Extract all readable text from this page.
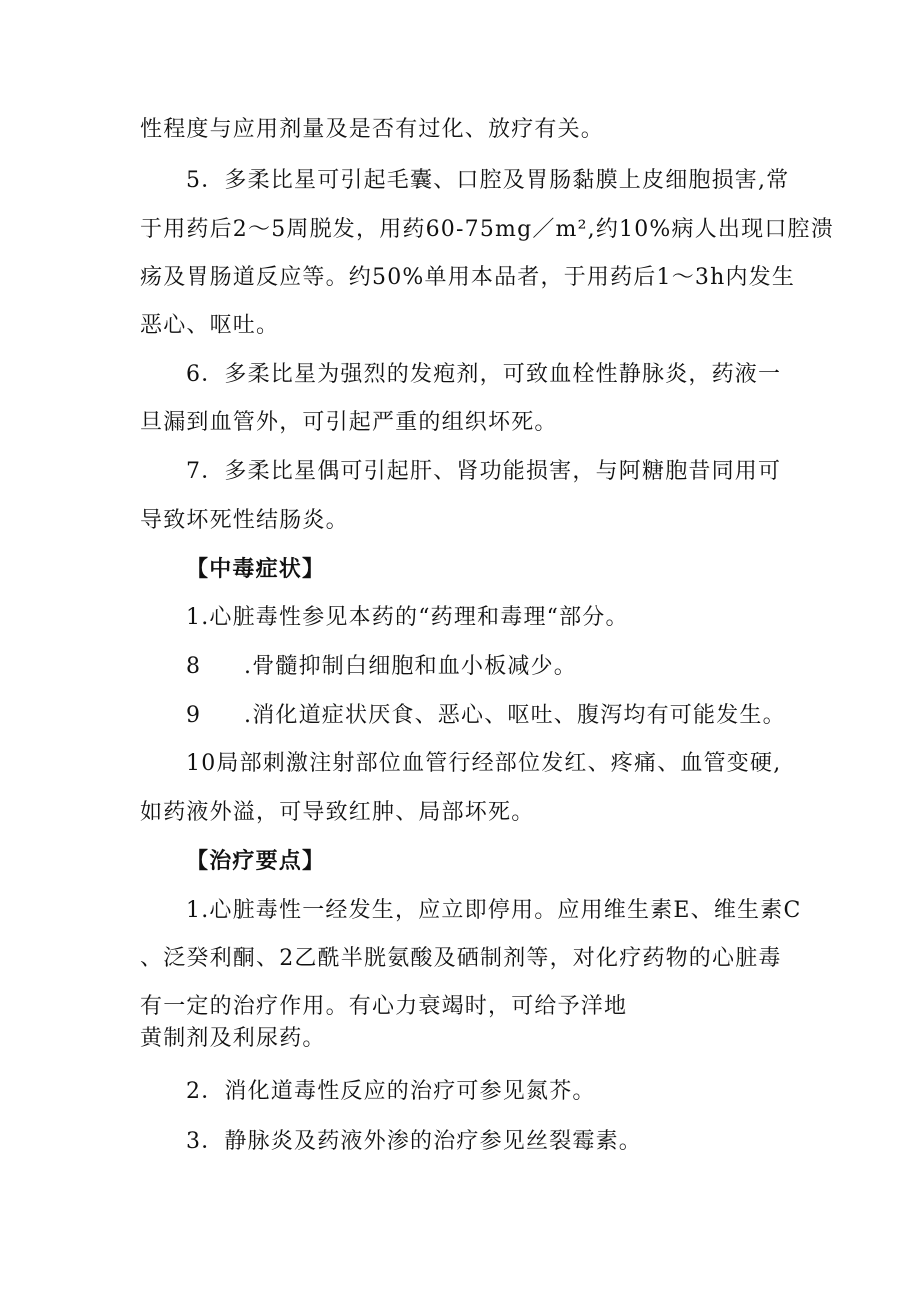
性程度与应用剂量及是否有过化、放疗有关。
5．多柔比星可引起毛囊、口腔及胃肠黏膜上皮细胞损害,常
于用药后2～5周脱发，用药60-75mg／m²,约10%病人出现口腔溃
疡及胃肠道反应等。约50%单用本品者，于用药后1～3h内发生
恶心、呕吐。
6．多柔比星为强烈的发疱剂，可致血栓性静脉炎，药液一
旦漏到血管外，可引起严重的组织坏死。
7．多柔比星偶可引起肝、肾功能损害，与阿糖胞昔同用可
导致坏死性结肠炎。
【中毒症状】
1.心脏毒性参见本药的“药理和毒理“部分。
8 .骨髓抑制白细胞和血小板减少。
9 .消化道症状厌食、恶心、呕吐、腹泻均有可能发生。
10局部刺激注射部位血管行经部位发红、疼痛、血管变硬,
如药液外溢，可导致红肿、局部坏死。
【治疗要点】
1.心脏毒性一经发生，应立即停用。应用维生素E、维生素C
、泛癸利酮、2乙酰半胱氨酸及硒制剂等，对化疗药物的心脏毒
有一定的治疗作用。有心力衰竭时，可给予洋地
黄制剂及利尿药。
2．消化道毒性反应的治疗可参见氮芥。
3．静脉炎及药液外渗的治疗参见丝裂霉素。
